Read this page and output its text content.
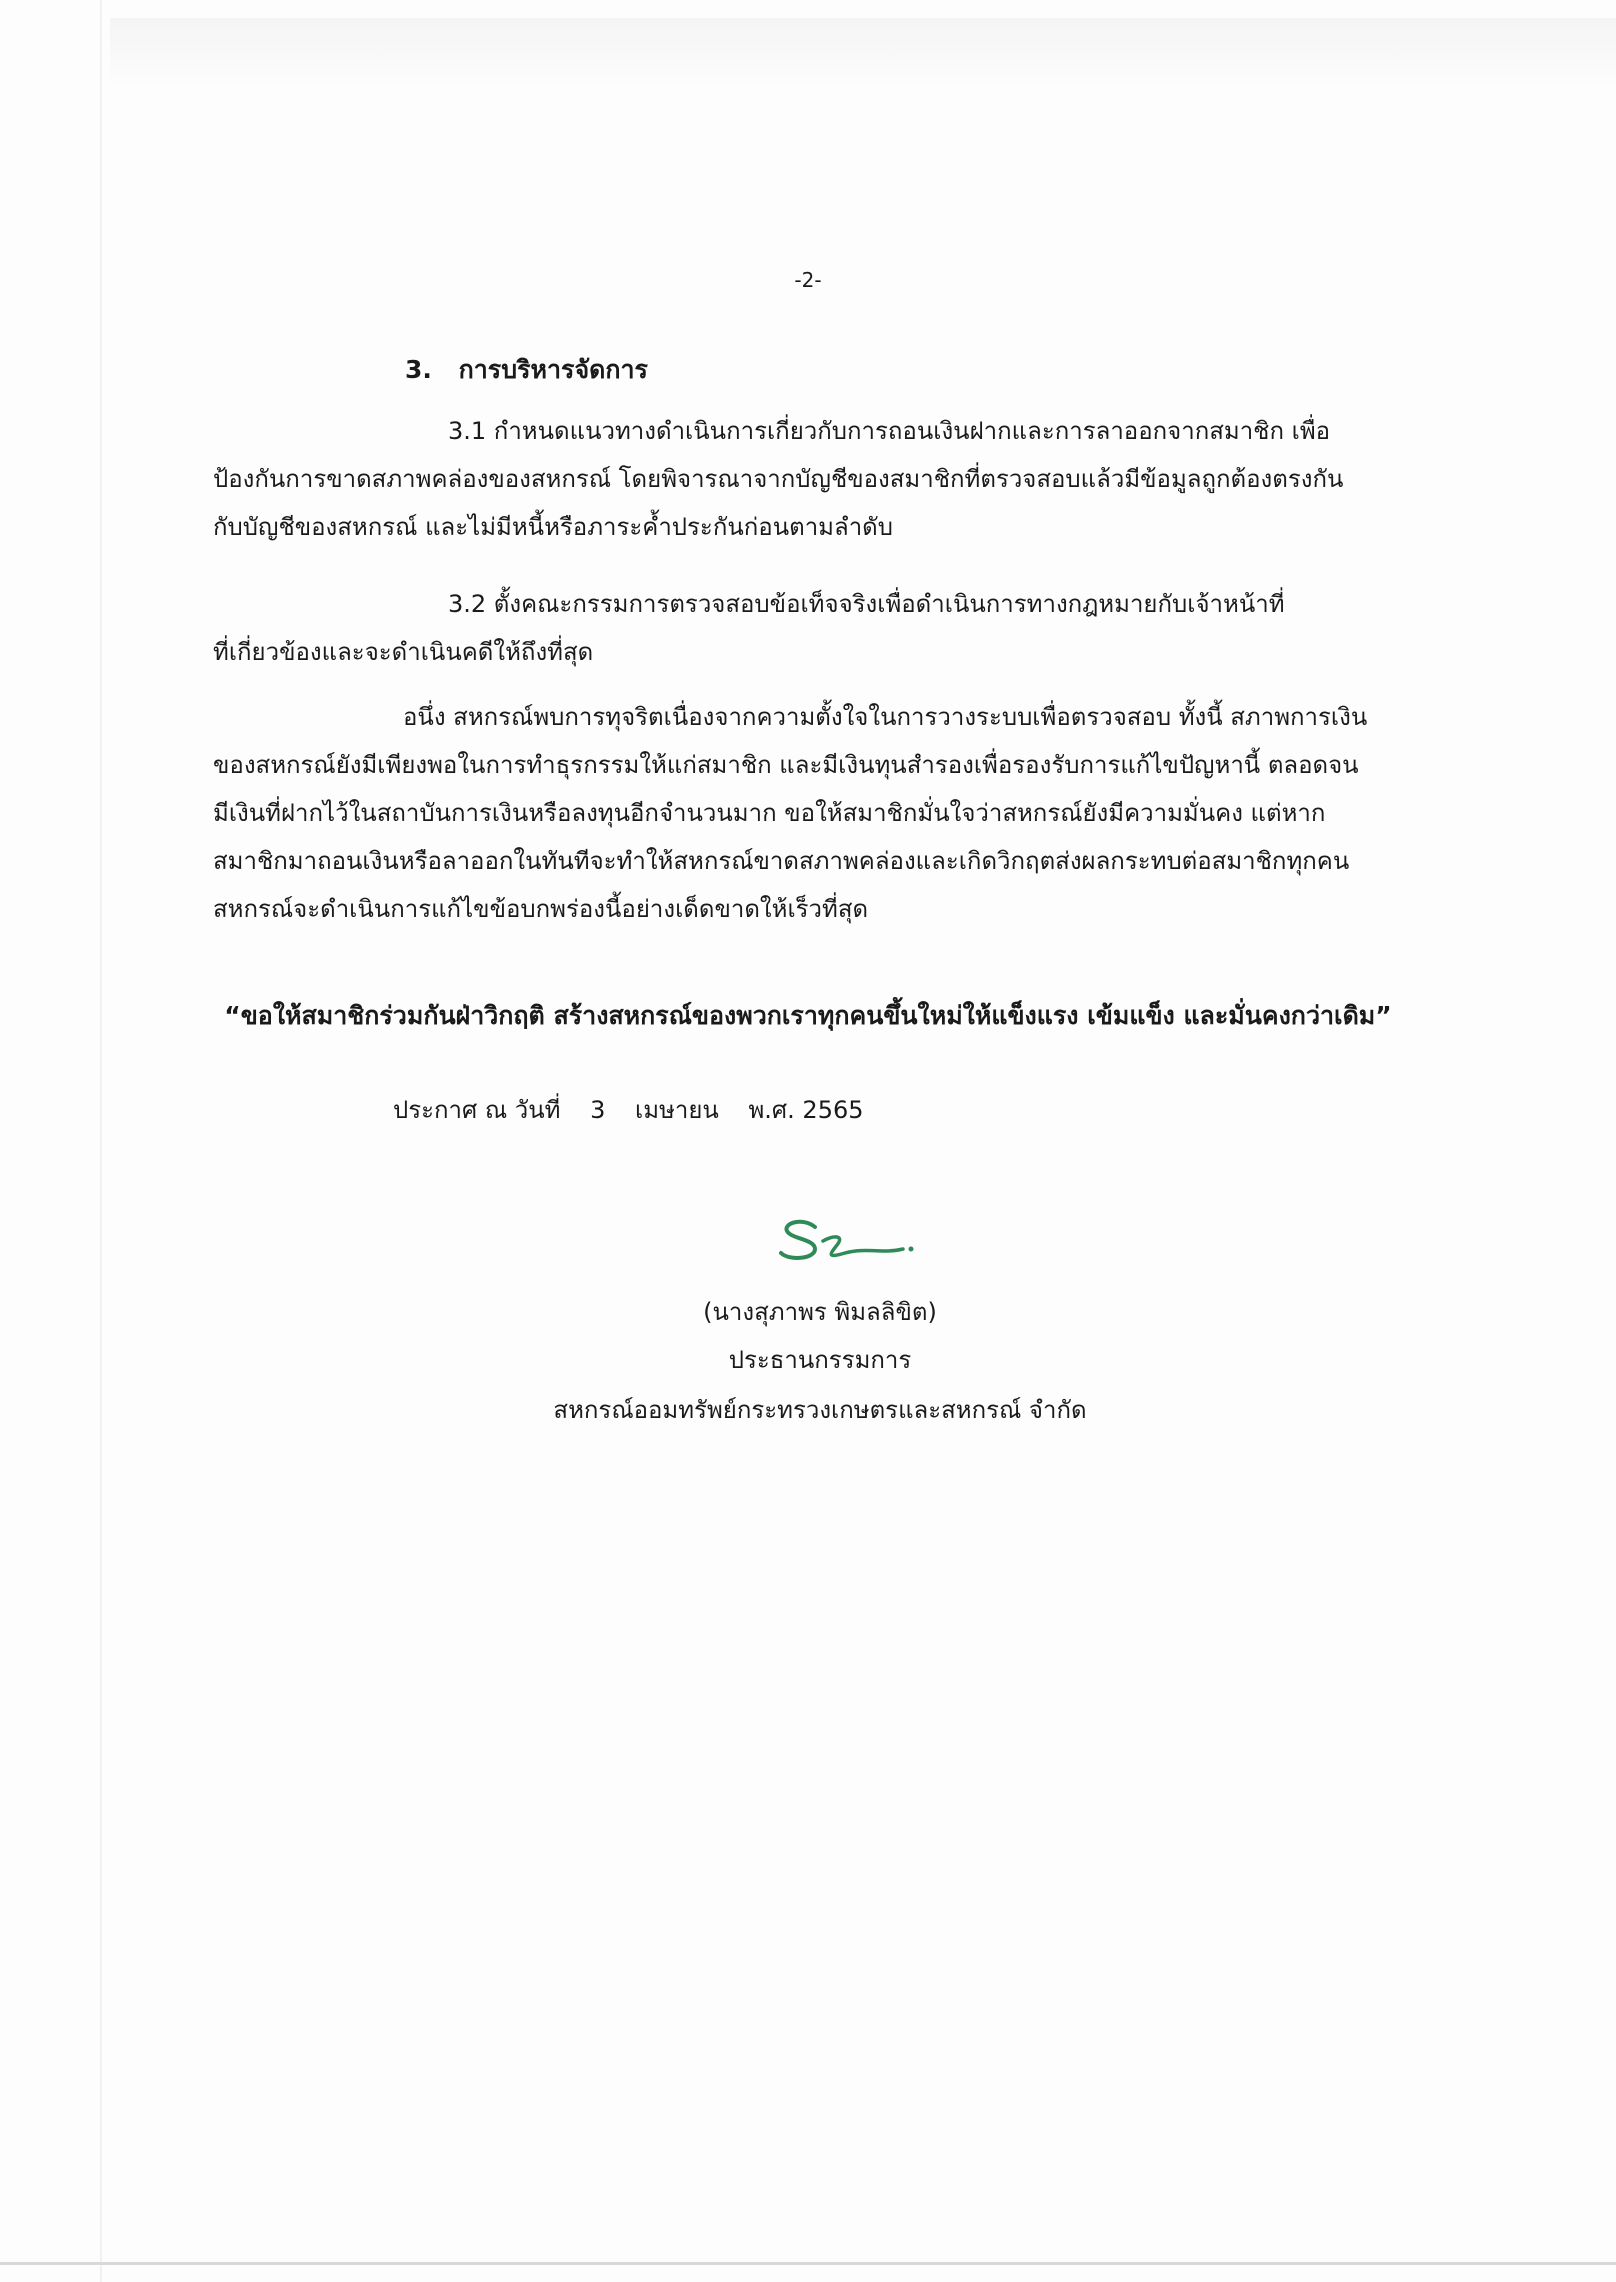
-2-
3. การบริหารจัดการ
3.1 กำหนดแนวทางดำเนินการเกี่ยวกับการถอนเงินฝากและการลาออกจากสมาชิก เพื่อ
ป้องกันการขาดสภาพคล่องของสหกรณ์ โดยพิจารณาจากบัญชีของสมาชิกที่ตรวจสอบแล้วมีข้อมูลถูกต้องตรงกัน
กับบัญชีของสหกรณ์ และไม่มีหนี้หรือภาระค้ำประกันก่อนตามลำดับ
3.2 ตั้งคณะกรรมการตรวจสอบข้อเท็จจริงเพื่อดำเนินการทางกฎหมายกับเจ้าหน้าที่
ที่เกี่ยวข้องและจะดำเนินคดีให้ถึงที่สุด
อนึ่ง สหกรณ์พบการทุจริตเนื่องจากความตั้งใจในการวางระบบเพื่อตรวจสอบ ทั้งนี้ สภาพการเงิน
ของสหกรณ์ยังมีเพียงพอในการทำธุรกรรมให้แก่สมาชิก และมีเงินทุนสำรองเพื่อรองรับการแก้ไขปัญหานี้ ตลอดจน
มีเงินที่ฝากไว้ในสถาบันการเงินหรือลงทุนอีกจำนวนมาก ขอให้สมาชิกมั่นใจว่าสหกรณ์ยังมีความมั่นคง แต่หาก
สมาชิกมาถอนเงินหรือลาออกในทันทีจะทำให้สหกรณ์ขาดสภาพคล่องและเกิดวิกฤตส่งผลกระทบต่อสมาชิกทุกคน
สหกรณ์จะดำเนินการแก้ไขข้อบกพร่องนี้อย่างเด็ดขาดให้เร็วที่สุด
“ขอให้สมาชิกร่วมกันฝ่าวิกฤติ สร้างสหกรณ์ของพวกเราทุกคนขึ้นใหม่ให้แข็งแรง เข้มแข็ง และมั่นคงกว่าเดิม”
ประกาศ ณ วันที่ 3 เมษายน พ.ศ. 2565
(นางสุภาพร พิมลลิขิต)
ประธานกรรมการ
สหกรณ์ออมทรัพย์กระทรวงเกษตรและสหกรณ์ จำกัด
